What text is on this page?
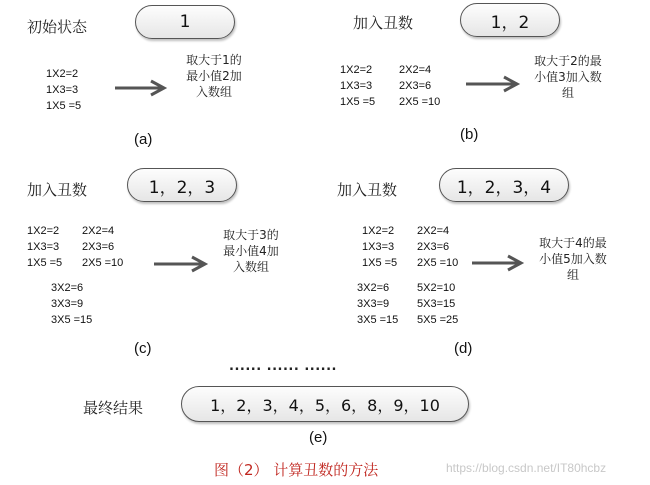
初始状态	1
1X2=2
1X3=3
1X5 =5
取大于1的最小值2加入数组
(a)
加入丑数	1，2
1X2=2
1X3=3
1X5 =5
2X2=4
2X3=6
2X5 =10
取大于2的最小值3加入数组
(b)
加入丑数	1，2，3
1X2=2
1X3=3
1X5 =5
2X2=4
2X3=6
2X5 =10
3X2=6
3X3=9
3X5 =15
取大于3的最小值4加入数组
(c)
加入丑数	1，2，3，4
1X2=2
1X3=3
1X5 =5
2X2=4
2X3=6
2X5 =10
3X2=6
3X3=9
3X5 =15
5X2=10
5X3=15
5X5 =25
取大于4的最小值5加入数组
(d)
...... ...... ......
最终结果	1，2，3，4，5，6，8，9，10
(e)
图（2） 计算丑数的方法	https://blog.csdn.net/IT80hcbz
